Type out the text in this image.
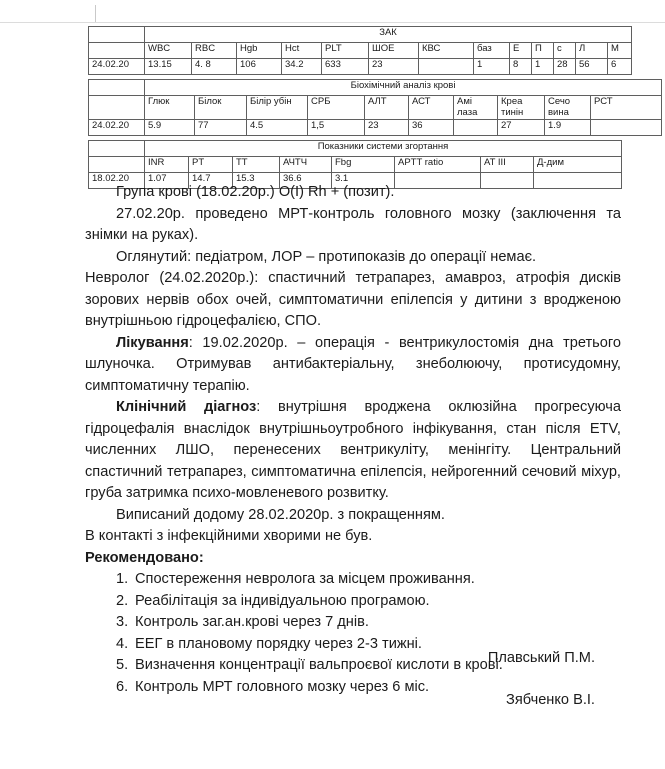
	ЗАК												
	WBC	RBC	Hgb	Hct	PLT	ШОЕ	КВС	баз	Е	П	с	Л	М
24.02.20	13.15	4. 8	106	34.2	633	23		1	8	1	28	56	6
	Біохімічний аналіз крові									
	Глюк	Білок	Білір убін	СРБ	АЛТ	АСТ	Амі лаза	Креа тинін	Сечо вина	РСТ
24.02.20	5.9	77	4.5	1,5	23	36		27	1.9	
	Показники системи згортання							
	INR	PT	TT	АЧТЧ	Fbg	APTT ratio	AT III	Д-дим
18.02.20	1.07	14.7	15.3	36.6	3.1			

Група крові (18.02.20р.) O(I) Rh + (позит).

27.02.20р. проведено МРТ-контроль головного мозку (заключення та знімки на руках).

Оглянутий: педіатром, ЛОР – протипоказів до операції немає.

Невролог (24.02.2020р.): спастичний тетрапарез, амавроз, атрофія дисків зорових нервів обох очей, симптоматични епілепсія у дитини з вродженою внутрішньою гідроцефалією, СПО.

Лікування: 19.02.2020р. – операція - вентрикулостомія дна третього шлуночка. Отримував антибактеріальну, знеболюючу, протисудомну, симптоматичну терапію.

Клінічний діагноз: внутрішня вроджена оклюзійна прогресуюча гідроцефалія внаслідок внутрішньоутробного інфікування, стан після ETV, численних ЛШО, перенесених вентрикуліту, менінгіту. Центральний спастичний тетрапарез, симптоматична епілепсія, нейрогенний сечовий міхур, груба затримка психо-мовленевого розвитку.

Виписаний додому 28.02.2020р. з покращенням.

В контакті з інфекційними хворими не був.

Рекомендовано:

1. Спостереження невролога за місцем проживання.
2. Реабілітація за індивідуальною програмою.
3. Контроль заг.ан.крові через 7 днів.
4. ЕЕГ в плановому порядку через 2-3 тижні.
5. Визначення концентрації вальпроєвої кислоти в крові.
6. Контроль МРТ головного мозку через 6 міс.
Плавський П.М.
Зябченко В.І.
